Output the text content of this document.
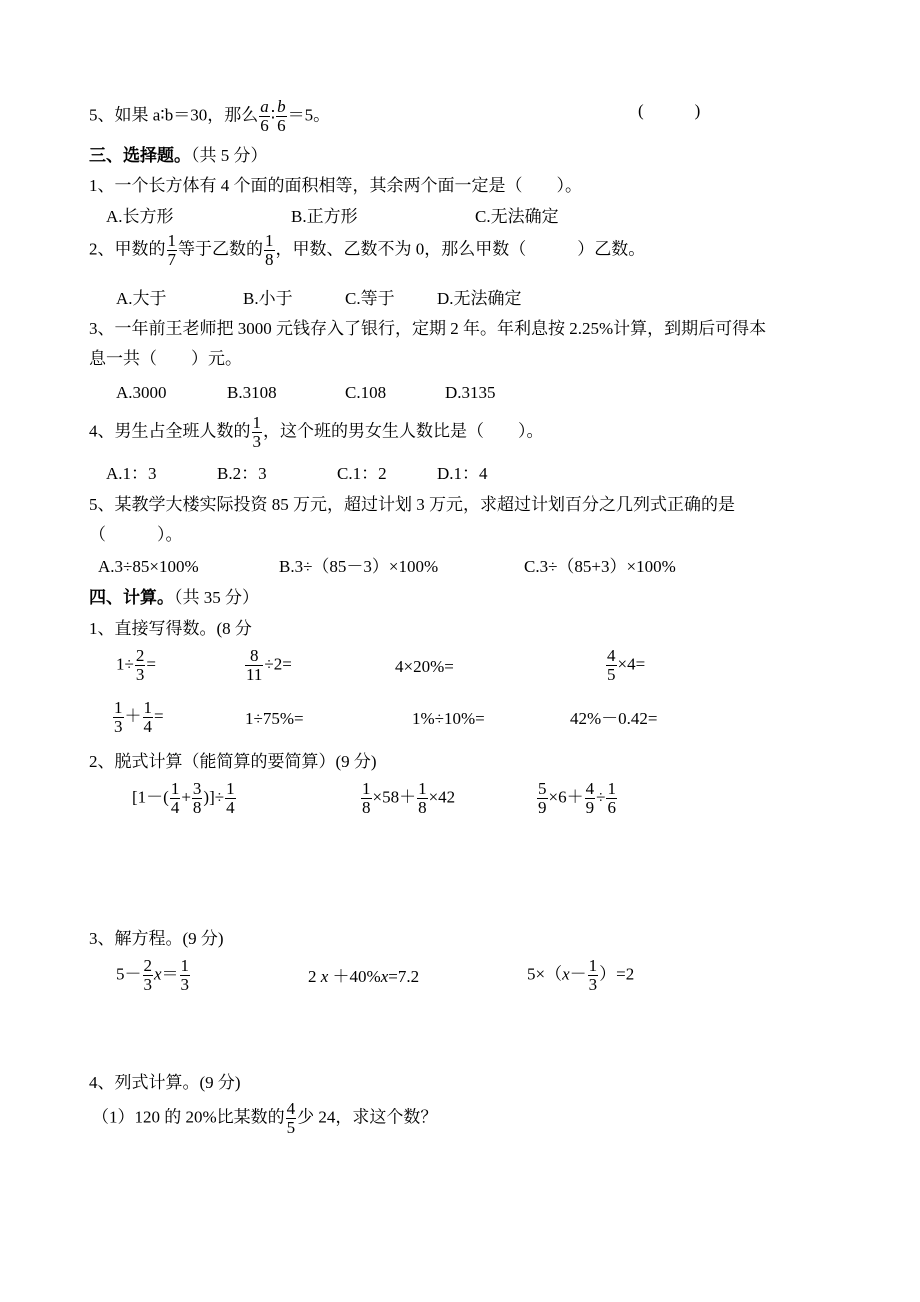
5、如果 a∶b＝30，那么 $\frac{a}{6}$ ∶ $\frac{b}{6} =5$。	(　　　)
三、选择题。（共 5 分）
1、一个长方体有 4 个面的面积相等，其余两个面一定是（　　）。
A.长方形	B.正方形	C.无法确定
2、甲数的 $\frac{1}{7}$ 等于乙数的 $\frac{1}{8}$ ，甲数、乙数不为 0，那么甲数（　　　）乙数。
A.大于	B.小于	C.等于 D.无法确定
3、一年前王老师把 3000 元钱存入了银行，定期 2 年。年利息按 2.25%计算，到期后可得本
息一共（　　）元。
A.3000	B.3108	C.108	D.3135
4、男生占全班人数的 $\frac{1}{3}$ ，这个班的男女生人数比是（　　）。
A.1：3	B.2：3	C.1：2	D.1：4
5、某教学大楼实际投资 85 万元，超过计划 3 万元，求超过计划百分之几列式正确的是
（　　　）。
A.3÷85×100%	B.3÷（85－3）×100%	C.3÷（85+3）×100%
四、计算。（共 35 分）
1、直接写得数。(8 分
$1\div \frac{2}{3}$ =	$\frac{8}{11} \div 2=$	4×20%=	$\frac{4}{5} \times 4=$
$\frac{1}{3} + \frac{1}{4}$ =	1÷75%=	1%÷10%=	42%－0.42=
2、脱式计算（能简算的要简算）(9 分)
[$1-( \frac{1}{4} + \frac{3}{8}$ )]÷ $\frac{1}{4}$	$\frac{1}{8} \times 58+ \frac{1}{8} \times 42$	$\frac{5}{9} \times 6+ \frac{4}{9} \div \frac{1}{6}$
3、解方程。(9 分)
$5- \frac{2}{3} x= \frac{1}{3}$	2 x ＋40%x=7.2	$5\times(x- \frac{1}{3} )=2$
4、列式计算。(9 分)
（1）120 的 20%比某数的 $\frac{4}{5}$ 少 24，求这个数？
